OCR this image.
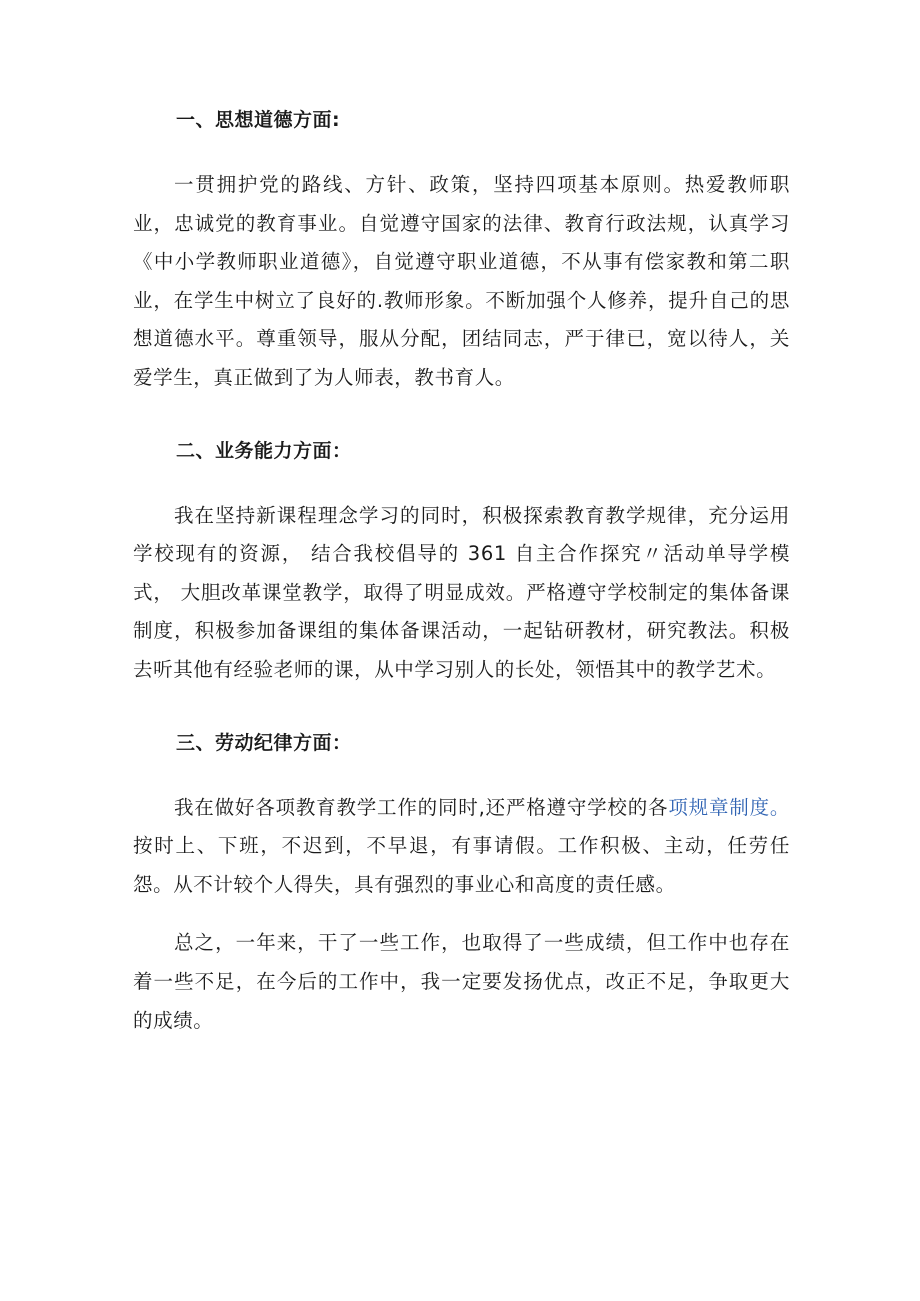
一、思想道德方面:

一贯拥护党的路线、方针、政策，坚持四项基本原则。热爱教师职业，忠诚党的教育事业。自觉遵守国家的法律、教育行政法规，认真学习《中小学教师职业道德》，自觉遵守职业道德，不从事有偿家教和第二职业，在学生中树立了良好的.教师形象。不断加强个人修养，提升自己的思想道德水平。尊重领导，服从分配，团结同志，严于律已，宽以待人，关爱学生，真正做到了为人师表，教书育人。

二、业务能力方面：

我在坚持新课程理念学习的同时，积极探索教育教学规律，充分运用学校现有的资源， 结合我校倡导的 361 自主合作探究〃活动单导学模式， 大胆改革课堂教学，取得了明显成效。严格遵守学校制定的集体备课制度，积极参加备课组的集体备课活动，一起钻研教材，研究教法。积极去听其他有经验老师的课，从中学习别人的长处，领悟其中的教学艺术。

三、劳动纪律方面：

我在做好各项教育教学工作的同时,还严格遵守学校的各项规章制度。按时上、下班，不迟到，不早退，有事请假。工作积极、主动，任劳任怨。从不计较个人得失，具有强烈的事业心和高度的责任感。

总之，一年来，干了一些工作，也取得了一些成绩，但工作中也存在着一些不足，在今后的工作中，我一定要发扬优点，改正不足，争取更大的成绩。
